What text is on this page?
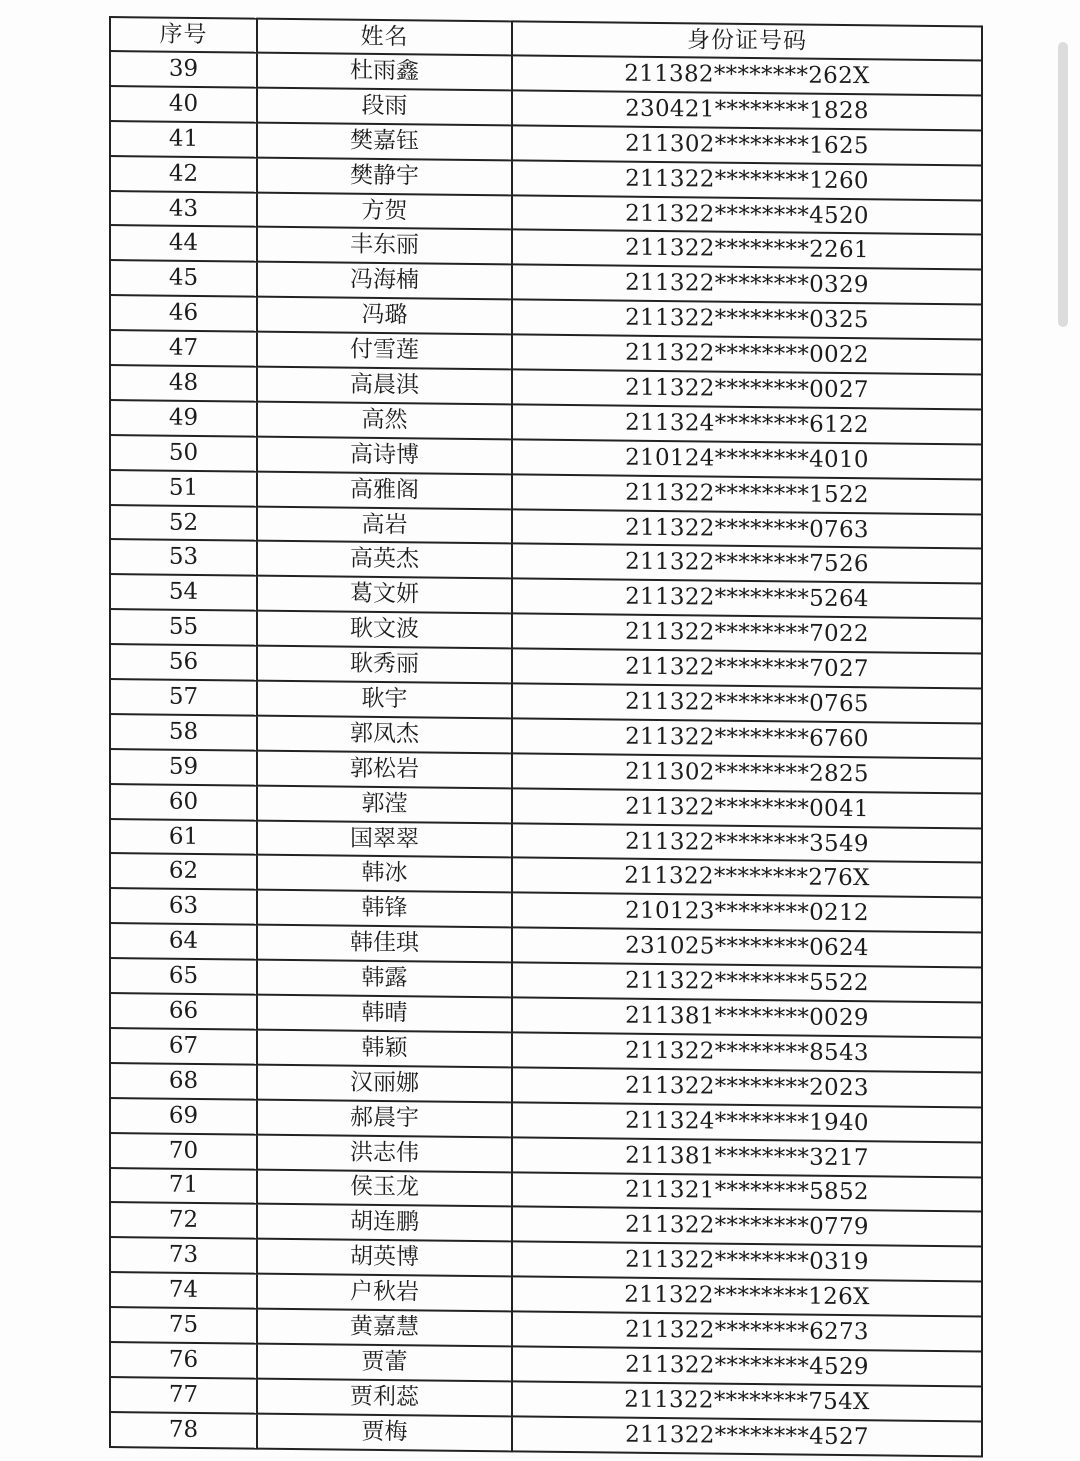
序号	姓名	身份证号码
39	杜雨鑫	211382********262X
40	段雨	230421********1828
41	樊嘉钰	211302********1625
42	樊静宇	211322********1260
43	方贺	211322********4520
44	丰东丽	211322********2261
45	冯海楠	211322********0329
46	冯璐	211322********0325
47	付雪莲	211322********0022
48	高晨淇	211322********0027
49	高然	211324********6122
50	高诗博	210124********4010
51	高雅阁	211322********1522
52	高岩	211322********0763
53	高英杰	211322********7526
54	葛文妍	211322********5264
55	耿文波	211322********7022
56	耿秀丽	211322********7027
57	耿宇	211322********0765
58	郭凤杰	211322********6760
59	郭松岩	211302********2825
60	郭滢	211322********0041
61	国翠翠	211322********3549
62	韩冰	211322********276X
63	韩锋	210123********0212
64	韩佳琪	231025********0624
65	韩露	211322********5522
66	韩晴	211381********0029
67	韩颖	211322********8543
68	汉丽娜	211322********2023
69	郝晨宇	211324********1940
70	洪志伟	211381********3217
71	侯玉龙	211321********5852
72	胡连鹏	211322********0779
73	胡英博	211322********0319
74	户秋岩	211322********126X
75	黄嘉慧	211322********6273
76	贾蕾	211322********4529
77	贾利蕊	211322********754X
78	贾梅	211322********4527
